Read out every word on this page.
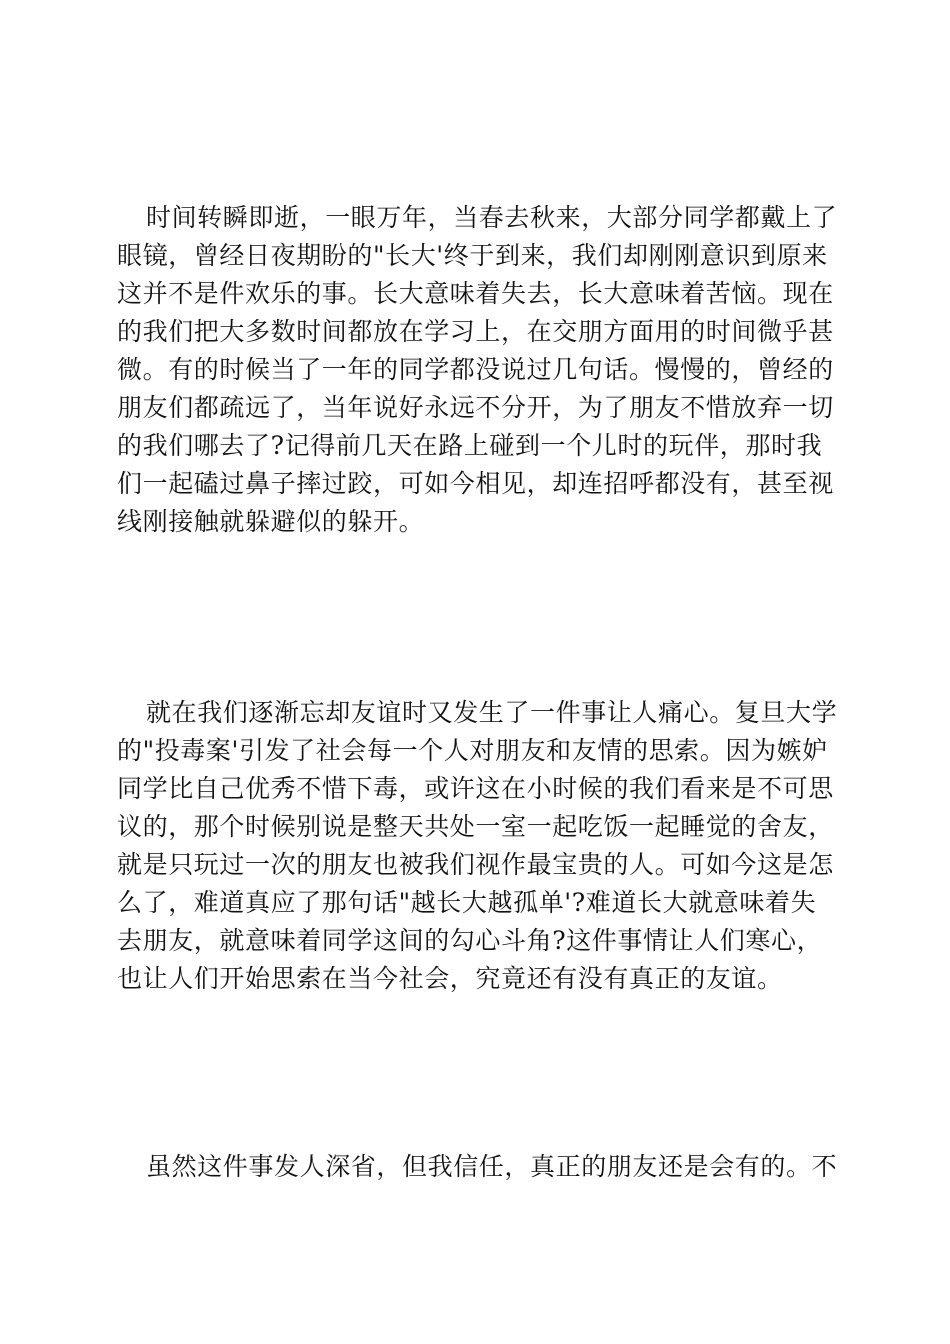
时间转瞬即逝，一眼万年，当春去秋来，大部分同学都戴上了
眼镜，曾经日夜期盼的"长大'终于到来，我们却刚刚意识到原来
这并不是件欢乐的事。长大意味着失去，长大意味着苦恼。现在
的我们把大多数时间都放在学习上，在交朋方面用的时间微乎甚
微。有的时候当了一年的同学都没说过几句话。慢慢的，曾经的
朋友们都疏远了，当年说好永远不分开，为了朋友不惜放弃一切
的我们哪去了?记得前几天在路上碰到一个儿时的玩伴，那时我
们一起磕过鼻子摔过跤，可如今相见，却连招呼都没有，甚至视
线刚接触就躲避似的躲开。

就在我们逐渐忘却友谊时又发生了一件事让人痛心。复旦大学
的"投毒案'引发了社会每一个人对朋友和友情的思索。因为嫉妒
同学比自己优秀不惜下毒，或许这在小时候的我们看来是不可思
议的，那个时候别说是整天共处一室一起吃饭一起睡觉的舍友，
就是只玩过一次的朋友也被我们视作最宝贵的人。可如今这是怎
么了，难道真应了那句话"越长大越孤单'?难道长大就意味着失
去朋友，就意味着同学这间的勾心斗角?这件事情让人们寒心，
也让人们开始思索在当今社会，究竟还有没有真正的友谊。

虽然这件事发人深省，但我信任，真正的朋友还是会有的。不
